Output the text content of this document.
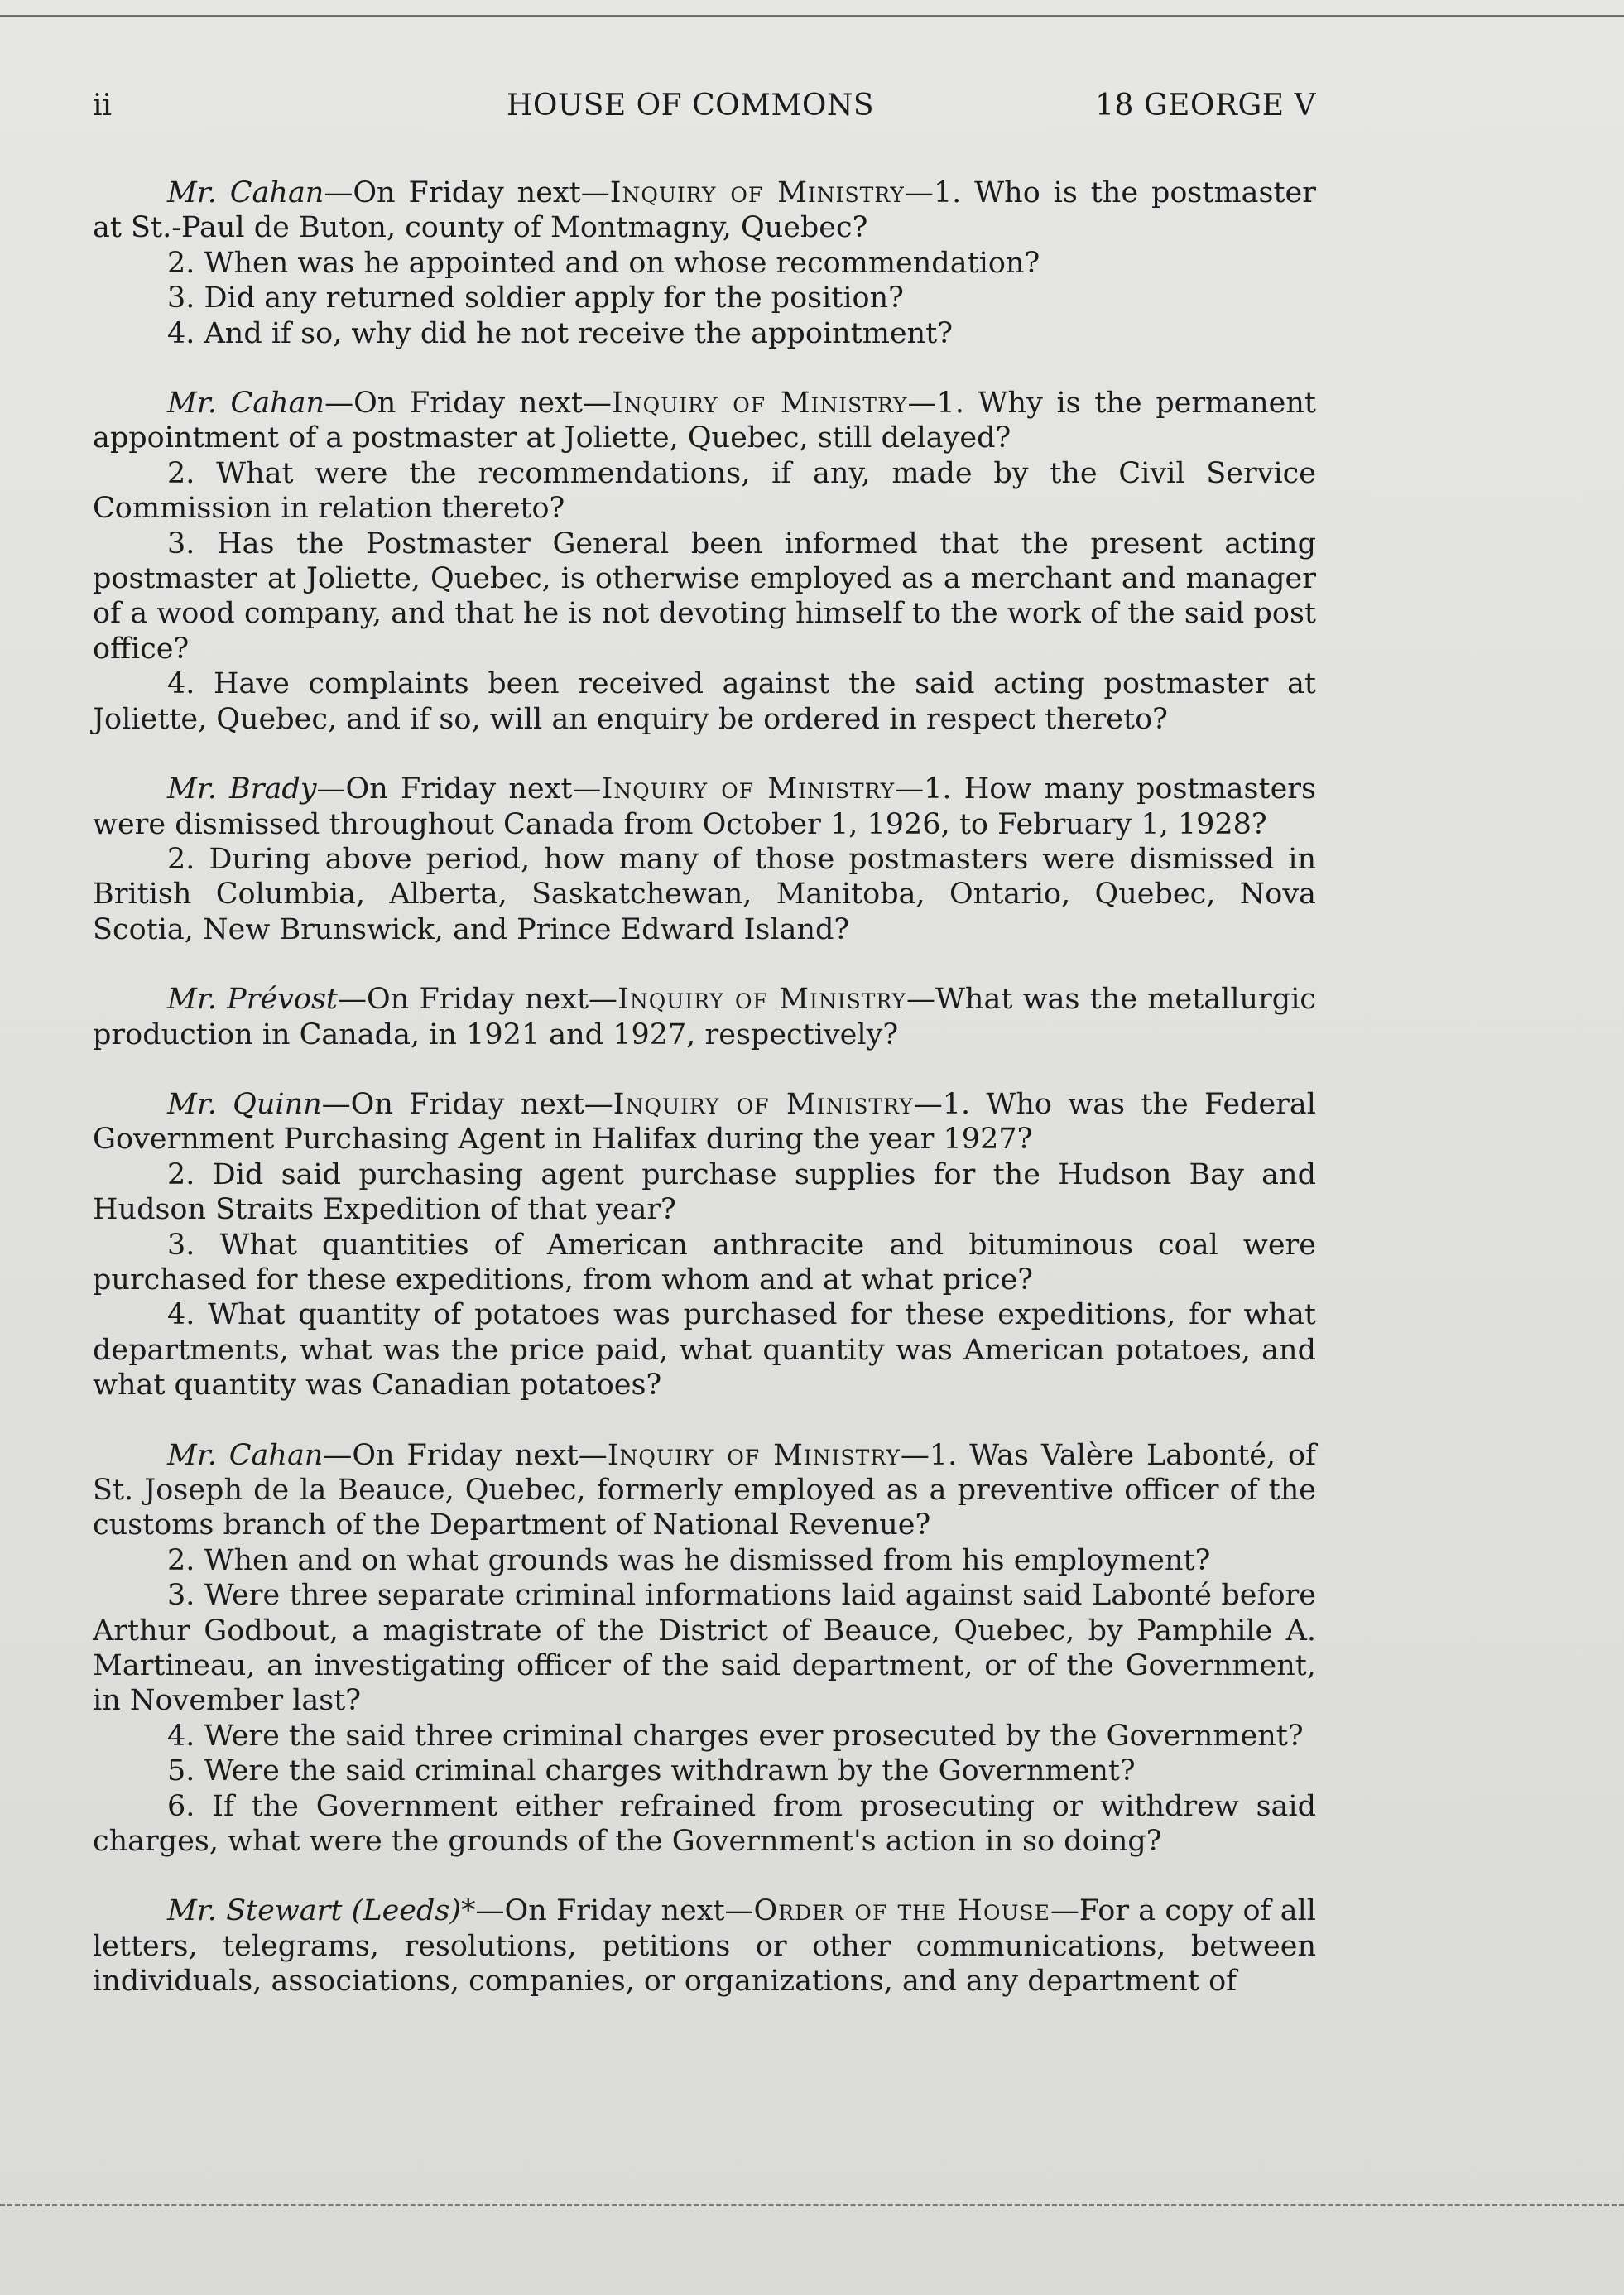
ii	HOUSE OF COMMONS	18 GEORGE V

Mr. Cahan—On Friday next—Inquiry of Ministry—1. Who is the postmaster at St.-Paul de Buton, county of Montmagny, Quebec?

2. When was he appointed and on whose recommendation?

3. Did any returned soldier apply for the position?

4. And if so, why did he not receive the appointment?

Mr. Cahan—On Friday next—Inquiry of Ministry—1. Why is the permanent appointment of a postmaster at Joliette, Quebec, still delayed?

2. What were the recommendations, if any, made by the Civil Service Commission in relation thereto?

3. Has the Postmaster General been informed that the present acting postmaster at Joliette, Quebec, is otherwise employed as a merchant and manager of a wood company, and that he is not devoting himself to the work of the said post office?

4. Have complaints been received against the said acting postmaster at Joliette, Quebec, and if so, will an enquiry be ordered in respect thereto?

Mr. Brady—On Friday next—Inquiry of Ministry—1. How many postmasters were dismissed throughout Canada from October 1, 1926, to February 1, 1928?

2. During above period, how many of those postmasters were dismissed in British Columbia, Alberta, Saskatchewan, Manitoba, Ontario, Quebec, Nova Scotia, New Brunswick, and Prince Edward Island?

Mr. Prévost—On Friday next—Inquiry of Ministry—What was the metallurgic production in Canada, in 1921 and 1927, respectively?

Mr. Quinn—On Friday next—Inquiry of Ministry—1. Who was the Federal Government Purchasing Agent in Halifax during the year 1927?

2. Did said purchasing agent purchase supplies for the Hudson Bay and Hudson Straits Expedition of that year?

3. What quantities of American anthracite and bituminous coal were purchased for these expeditions, from whom and at what price?

4. What quantity of potatoes was purchased for these expeditions, for what departments, what was the price paid, what quantity was American potatoes, and what quantity was Canadian potatoes?

Mr. Cahan—On Friday next—Inquiry of Ministry—1. Was Valère Labonté, of St. Joseph de la Beauce, Quebec, formerly employed as a preventive officer of the customs branch of the Department of National Revenue?

2. When and on what grounds was he dismissed from his employment?

3. Were three separate criminal informations laid against said Labonté before Arthur Godbout, a magistrate of the District of Beauce, Quebec, by Pamphile A. Martineau, an investigating officer of the said department, or of the Government, in November last?

4. Were the said three criminal charges ever prosecuted by the Government?

5. Were the said criminal charges withdrawn by the Government?

6. If the Government either refrained from prosecuting or withdrew said charges, what were the grounds of the Government's action in so doing?

Mr. Stewart (Leeds)*—On Friday next—Order of the House—For a copy of all letters, telegrams, resolutions, petitions or other communications, between individuals, associations, companies, or organizations, and any department of
